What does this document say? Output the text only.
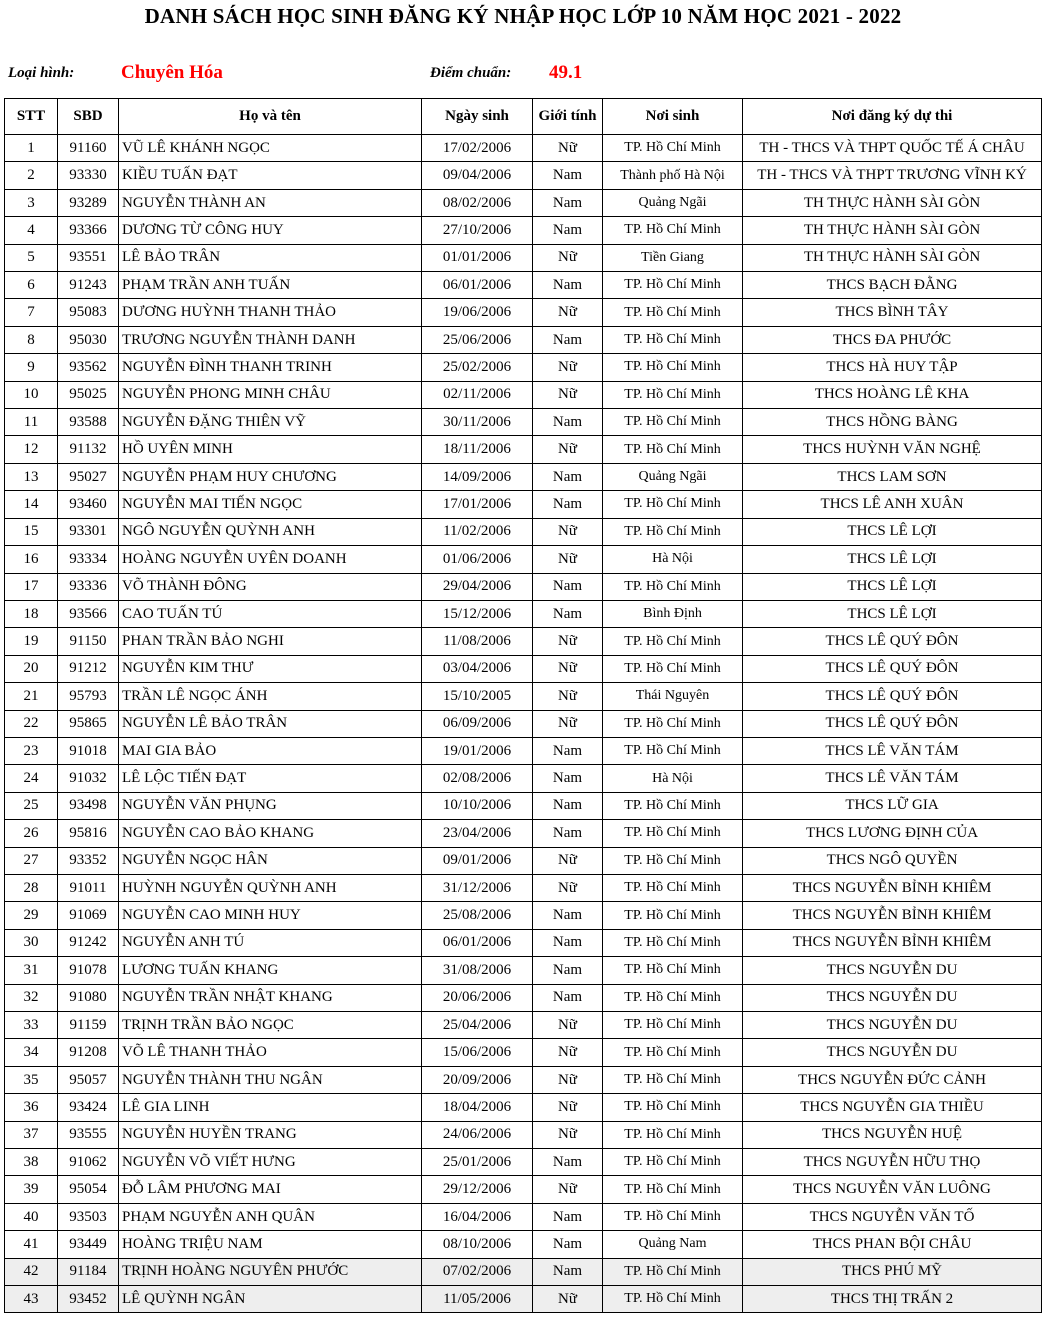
DANH SÁCH HỌC SINH ĐĂNG KÝ NHẬP HỌC LỚP 10 NĂM HỌC 2021 - 2022
Loại hình: Chuyên Hóa	Điểm chuẩn: 49.1
STT	SBD	Họ và tên	Ngày sinh	Giới tính	Nơi sinh	Nơi đăng ký dự thi
1	91160	VŨ LÊ KHÁNH NGỌC	17/02/2006	Nữ	TP. Hồ Chí Minh	TH - THCS VÀ THPT QUỐC TẾ Á CHÂU
2	93330	KIỀU TUẤN ĐẠT	09/04/2006	Nam	Thành phố Hà Nội	TH - THCS VÀ THPT TRƯƠNG VĨNH KÝ
3	93289	NGUYỄN THÀNH AN	08/02/2006	Nam	Quảng Ngãi	TH THỰC HÀNH SÀI GÒN
4	93366	DƯƠNG TỪ CÔNG HUY	27/10/2006	Nam	TP. Hồ Chí Minh	TH THỰC HÀNH SÀI GÒN
5	93551	LÊ BẢO TRÂN	01/01/2006	Nữ	Tiền Giang	TH THỰC HÀNH SÀI GÒN
6	91243	PHẠM TRẦN ANH TUẤN	06/01/2006	Nam	TP. Hồ Chí Minh	THCS BẠCH ĐẰNG
7	95083	DƯƠNG HUỲNH THANH THẢO	19/06/2006	Nữ	TP. Hồ Chí Minh	THCS BÌNH TÂY
8	95030	TRƯƠNG NGUYỄN THÀNH DANH	25/06/2006	Nam	TP. Hồ Chí Minh	THCS ĐA PHƯỚC
9	93562	NGUYỄN ĐÌNH THANH TRINH	25/02/2006	Nữ	TP. Hồ Chí Minh	THCS HÀ HUY TẬP
10	95025	NGUYỄN PHONG MINH CHÂU	02/11/2006	Nữ	TP. Hồ Chí Minh	THCS HOÀNG LÊ KHA
11	93588	NGUYỄN ĐẶNG THIÊN VỸ	30/11/2006	Nam	TP. Hồ Chí Minh	THCS HỒNG BÀNG
12	91132	HỒ UYÊN MINH	18/11/2006	Nữ	TP. Hồ Chí Minh	THCS HUỲNH VĂN NGHỆ
13	95027	NGUYỄN PHẠM HUY CHƯƠNG	14/09/2006	Nam	Quảng Ngãi	THCS LAM SƠN
14	93460	NGUYỄN MAI TIẾN NGỌC	17/01/2006	Nam	TP. Hồ Chí Minh	THCS LÊ ANH XUÂN
15	93301	NGÔ NGUYỄN QUỲNH ANH	11/02/2006	Nữ	TP. Hồ Chí Minh	THCS LÊ LỢI
16	93334	HOÀNG NGUYỄN UYÊN DOANH	01/06/2006	Nữ	Hà Nội	THCS LÊ LỢI
17	93336	VÕ THÀNH ĐÔNG	29/04/2006	Nam	TP. Hồ Chí Minh	THCS LÊ LỢI
18	93566	CAO TUẤN TÚ	15/12/2006	Nam	Bình Định	THCS LÊ LỢI
19	91150	PHAN TRẦN BẢO NGHI	11/08/2006	Nữ	TP. Hồ Chí Minh	THCS LÊ QUÝ ĐÔN
20	91212	NGUYỄN KIM THƯ	03/04/2006	Nữ	TP. Hồ Chí Minh	THCS LÊ QUÝ ĐÔN
21	95793	TRẦN LÊ NGỌC ÁNH	15/10/2005	Nữ	Thái Nguyên	THCS LÊ QUÝ ĐÔN
22	95865	NGUYỄN LÊ BẢO TRÂN	06/09/2006	Nữ	TP. Hồ Chí Minh	THCS LÊ QUÝ ĐÔN
23	91018	MAI GIA BẢO	19/01/2006	Nam	TP. Hồ Chí Minh	THCS LÊ VĂN TÁM
24	91032	LÊ LỘC TIẾN ĐẠT	02/08/2006	Nam	Hà Nội	THCS LÊ VĂN TÁM
25	93498	NGUYỄN VĂN PHỤNG	10/10/2006	Nam	TP. Hồ Chí Minh	THCS LỮ GIA
26	95816	NGUYỄN CAO BẢO KHANG	23/04/2006	Nam	TP. Hồ Chí Minh	THCS LƯƠNG ĐỊNH CỦA
27	93352	NGUYỄN NGỌC HÂN	09/01/2006	Nữ	TP. Hồ Chí Minh	THCS NGÔ QUYỀN
28	91011	HUỲNH NGUYỄN QUỲNH ANH	31/12/2006	Nữ	TP. Hồ Chí Minh	THCS NGUYỄN BỈNH KHIÊM
29	91069	NGUYỄN CAO MINH HUY	25/08/2006	Nam	TP. Hồ Chí Minh	THCS NGUYỄN BỈNH KHIÊM
30	91242	NGUYỄN ANH TÚ	06/01/2006	Nam	TP. Hồ Chí Minh	THCS NGUYỄN BỈNH KHIÊM
31	91078	LƯƠNG TUẤN KHANG	31/08/2006	Nam	TP. Hồ Chí Minh	THCS NGUYỄN DU
32	91080	NGUYỄN TRẦN NHẬT KHANG	20/06/2006	Nam	TP. Hồ Chí Minh	THCS NGUYỄN DU
33	91159	TRỊNH TRẦN BẢO NGỌC	25/04/2006	Nữ	TP. Hồ Chí Minh	THCS NGUYỄN DU
34	91208	VÕ LÊ THANH THẢO	15/06/2006	Nữ	TP. Hồ Chí Minh	THCS NGUYỄN DU
35	95057	NGUYỄN THÀNH THU NGÂN	20/09/2006	Nữ	TP. Hồ Chí Minh	THCS NGUYỄN ĐỨC CẢNH
36	93424	LÊ GIA LINH	18/04/2006	Nữ	TP. Hồ Chí Minh	THCS NGUYỄN GIA THIỀU
37	93555	NGUYỄN HUYỀN TRANG	24/06/2006	Nữ	TP. Hồ Chí Minh	THCS NGUYỄN HUỆ
38	91062	NGUYỄN VÕ VIẾT HƯNG	25/01/2006	Nam	TP. Hồ Chí Minh	THCS NGUYỄN HỮU THỌ
39	95054	ĐỖ LÂM PHƯƠNG MAI	29/12/2006	Nữ	TP. Hồ Chí Minh	THCS NGUYỄN VĂN LUÔNG
40	93503	PHẠM NGUYỄN ANH QUÂN	16/04/2006	Nam	TP. Hồ Chí Minh	THCS NGUYỄN VĂN TỐ
41	93449	HOÀNG TRIỆU NAM	08/10/2006	Nam	Quảng Nam	THCS PHAN BỘI CHÂU
42	91184	TRỊNH HOÀNG NGUYÊN PHƯỚC	07/02/2006	Nam	TP. Hồ Chí Minh	THCS PHÚ MỸ
43	93452	LÊ QUỲNH NGÂN	11/05/2006	Nữ	TP. Hồ Chí Minh	THCS THỊ TRẤN 2
